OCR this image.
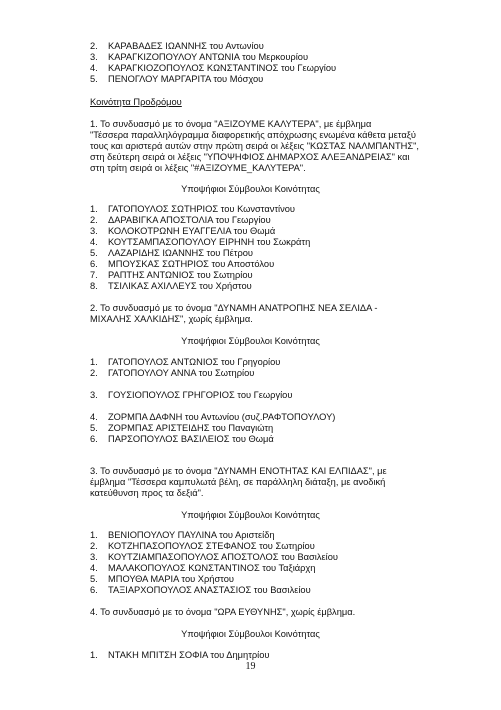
2. ΚΑΡΑΒΑΔΕΣ ΙΩΑΝΝΗΣ του Αντωνίου
3. ΚΑΡΑΓΚΙΖΟΠΟΥΛΟΥ ΑΝΤΩΝΙΑ του Μερκουρίου
4. ΚΑΡΑΓΚΙΟΖΟΠΟΥΛΟΣ ΚΩΝΣΤΑΝΤΙΝΟΣ του Γεωργίου
5. ΠΕΝΟΓΛΟΥ ΜΑΡΓΑΡΙΤΑ του Μόσχου
Κοινότητα Προδρόμου
1. Το συνδυασμό με το όνομα "ΑΞΙΖΟΥΜΕ ΚΑΛΥΤΕΡΑ", με έμβλημα
"Τέσσερα παραλληλόγραμμα διαφορετικής απόχρωσης ενωμένα κάθετα μεταξύ
τους και αριστερά αυτών στην πρώτη σειρά οι λέξεις "ΚΩΣΤΑΣ ΝΑΛΜΠΑΝΤΗΣ",
στη δεύτερη σειρά οι λέξεις "ΥΠΟΨΗΦΙΟΣ ΔΗΜΑΡΧΟΣ ΑΛΕΞΑΝΔΡΕΙΑΣ" και
στη τρίτη σειρά οι λέξεις "#ΑΞΙΖΟΥΜΕ_ΚΑΛΥΤΕΡΑ".
Υποψήφιοι Σύμβουλοι Κοινότητας
1. ΓΑΤΟΠΟΥΛΟΣ ΣΩΤΗΡΙΟΣ του Κωνσταντίνου
2. ΔΑΡΑΒΙΓΚΑ ΑΠΟΣΤΟΛΙΑ του Γεωργίου
3. ΚΟΛΟΚΟΤΡΩΝΗ ΕΥΑΓΓΕΛΙΑ του Θωμά
4. ΚΟΥΤΣΑΜΠΑΣΟΠΟΥΛΟΥ ΕΙΡΗΝΗ του Σωκράτη
5. ΛΑΖΑΡΙΔΗΣ ΙΩΑΝΝΗΣ του Πέτρου
6. ΜΠΟΥΣΚΑΣ ΣΩΤΗΡΙΟΣ του Αποστόλου
7. ΡΑΠΤΗΣ ΑΝΤΩΝΙΟΣ του Σωτηρίου
8. ΤΣΙΛΙΚΑΣ ΑΧΙΛΛΕΥΣ του Χρήστου
2. Το συνδυασμό με το όνομα "ΔΥΝΑΜΗ ΑΝΑΤΡΟΠΗΣ ΝΕΑ ΣΕΛΙΔΑ -
ΜΙΧΑΛΗΣ ΧΑΛΚΙΔΗΣ", χωρίς έμβλημα.
Υποψήφιοι Σύμβουλοι Κοινότητας
1. ΓΑΤΟΠΟΥΛΟΣ ΑΝΤΩΝΙΟΣ του Γρηγορίου
2. ΓΑΤΟΠΟΥΛΟΥ ΑΝΝΑ του Σωτηρίου
3. ΓΟΥΣΙΟΠΟΥΛΟΣ ΓΡΗΓΟΡΙΟΣ του Γεωργίου
4. ΖΟΡΜΠΑ ΔΑΦΝΗ του Αντωνίου (συζ.ΡΑΦΤΟΠΟΥΛΟΥ)
5. ΖΟΡΜΠΑΣ ΑΡΙΣΤΕΙΔΗΣ του Παναγιώτη
6. ΠΑΡΣΟΠΟΥΛΟΣ ΒΑΣΙΛΕΙΟΣ του Θωμά
3. Το συνδυασμό με το όνομα "ΔΥΝΑΜΗ ΕΝΟΤΗΤΑΣ ΚΑΙ ΕΛΠΙΔΑΣ", με
έμβλημα "Τέσσερα καμπυλωτά βέλη, σε παράλληλη διάταξη, με ανοδική
κατεύθυνση προς τα δεξιά".
Υποψήφιοι Σύμβουλοι Κοινότητας
1. ΒΕΝΙΟΠΟΥΛΟΥ ΠΑΥΛΙΝΑ του Αριστείδη
2. ΚΟΤΖΗΠΑΣΟΠΟΥΛΟΣ ΣΤΕΦΑΝΟΣ του Σωτηρίου
3. ΚΟΥΤΖΙΑΜΠΑΣΟΠΟΥΛΟΣ ΑΠΟΣΤΟΛΟΣ του Βασιλείου
4. ΜΑΛΑΚΟΠΟΥΛΟΣ ΚΩΝΣΤΑΝΤΙΝΟΣ του Ταξιάρχη
5. ΜΠΟΥΘΑ ΜΑΡΙΑ του Χρήστου
6. ΤΑΞΙΑΡΧΟΠΟΥΛΟΣ ΑΝΑΣΤΑΣΙΟΣ του Βασιλείου
4. Το συνδυασμό με το όνομα "ΩΡΑ ΕΥΘΥΝΗΣ", χωρίς έμβλημα.
Υποψήφιοι Σύμβουλοι Κοινότητας
1. ΝΤΑΚΗ ΜΠΙΤΣΗ ΣΟΦΙΑ του Δημητρίου
19
